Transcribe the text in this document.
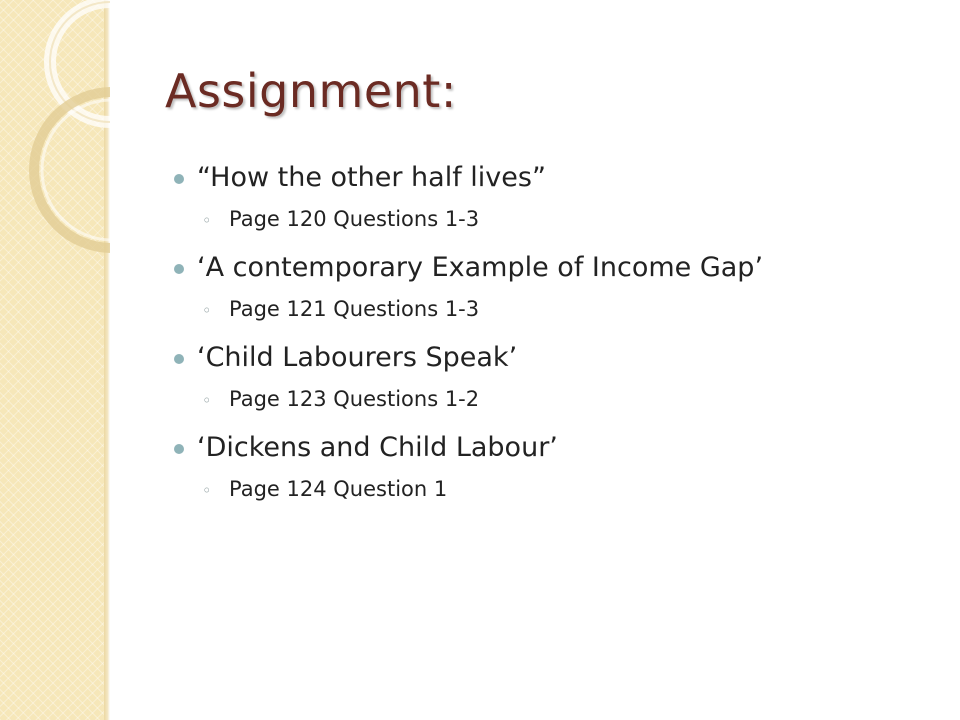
Assignment:
“How the other half lives”
◦ Page 120 Questions 1-3
‘A contemporary Example of Income Gap’
◦ Page 121 Questions 1-3
‘Child Labourers Speak’
◦ Page 123 Questions 1-2
‘Dickens and Child Labour’
◦ Page 124 Question 1
